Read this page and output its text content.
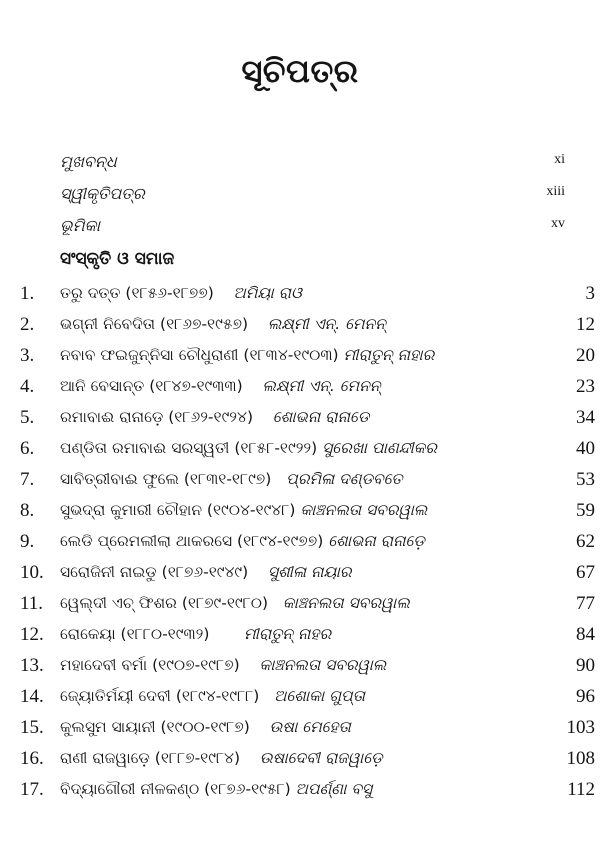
ସୂଚିପତ୍ର
ମୁଖବନ୍ଧ	xi
ସ୍ୱୀକୃତିପତ୍ର	xiii
ଭୂମିକା	xv
ସଂସ୍କୃତି ଓ ସମାଜ
1.	ତରୁ ଦତ୍ତ (୧୮୫୬-୧୮୭୭) ଅମିୟା ରାଓ	3
2.	ଭଗ୍ନୀ ନିବେଦିତା (୧୮୬୭-୧୯୫୭) ଲକ୍ଷ୍ମୀ ଏନ୍. ମେନନ୍	12
3.	ନବାବ ଫଇଜୁନ୍ନିସା ଚୌଧୁରାଣୀ (୧୮୩୪-୧୯୦୩) ମୀରାତୁନ୍ ନାହାର	20
4.	ଆନି ବେସାନ୍ତ (୧୮୪୭-୧୯୩୩) ଲକ୍ଷ୍ମୀ ଏନ୍. ମେନନ୍	23
5.	ରମାବାଈ ରାନାଡ଼େ (୧୮୬୨-୧୯୨୪) ଶୋଭନା ରାନାଡେ	34
6.	ପଣ୍ଡିତା ରମାବାଈ ସରସ୍ୱତୀ (୧୮୫୮-୧୯୨୨) ସୁରେଖା ପାଣନ୍ଦୀକର	40
7.	ସାବିତ୍ରୀବାଈ ଫୁଲେ (୧୮୩୧-୧୮୯୭) ପ୍ରମିଳା ଦଣ୍ଡବତେ	53
8.	ସୁଭଦ୍ରା କୁମାରୀ ଚୌହାନ (୧୯୦୪-୧୯୪୮) କାଞ୍ଚନଲତା ସବରୱାଲ	59
9.	ଲେଡି ପ୍ରେମଲୀଲା ଥାକରସେ (୧୮୯୪-୧୯୭୭) ଶୋଭନା ରାନାଡ଼େ	62
10.	ସରୋଜିନୀ ନାଇଡୁ (୧୮୭୬-୧୯୪୯) ସୁଶୀଳା ନାୟାର	67
11.	ୱେଲ୍‌ଦୀ ଏଚ୍ ଫିଶର (୧୮୭୯-୧୯୮୦) କାଞ୍ଚନଲତା ସବରୱାଲ	77
12.	ରୋକେୟା (୧୮୮୦-୧୯୩୨) ମୀରାତୁନ୍ ନାହର	84
13.	ମହାଦେବୀ ବର୍ମା (୧୯୦୭-୧୯୮୭) କାଞ୍ଚନଲତା ସବରୱାଲ	90
14.	ଜ୍ୟୋତିର୍ମୟୀ ଦେବୀ (୧୮୯୪-୧୯୮୮) ଅଶୋକା ଗୁପ୍ତା	96
15.	କୁଲସୁମ ସାୟାନୀ (୧୯୦୦-୧୯୮୭) ଉଷା ମେହେତା	103
16.	ରାଣୀ ରାଜୱାଡ଼େ (୧୮୮୭-୧୯୮୪) ଉଷାଦେବୀ ରାଜୱାଡ଼େ	108
17.	ବିଦ୍ୟାଗୌରୀ ନୀଳକଣ୍ଠ (୧୮୭୬-୧୯୫୮) ଅପର୍ଣ୍ଣା ବସୁ	112
